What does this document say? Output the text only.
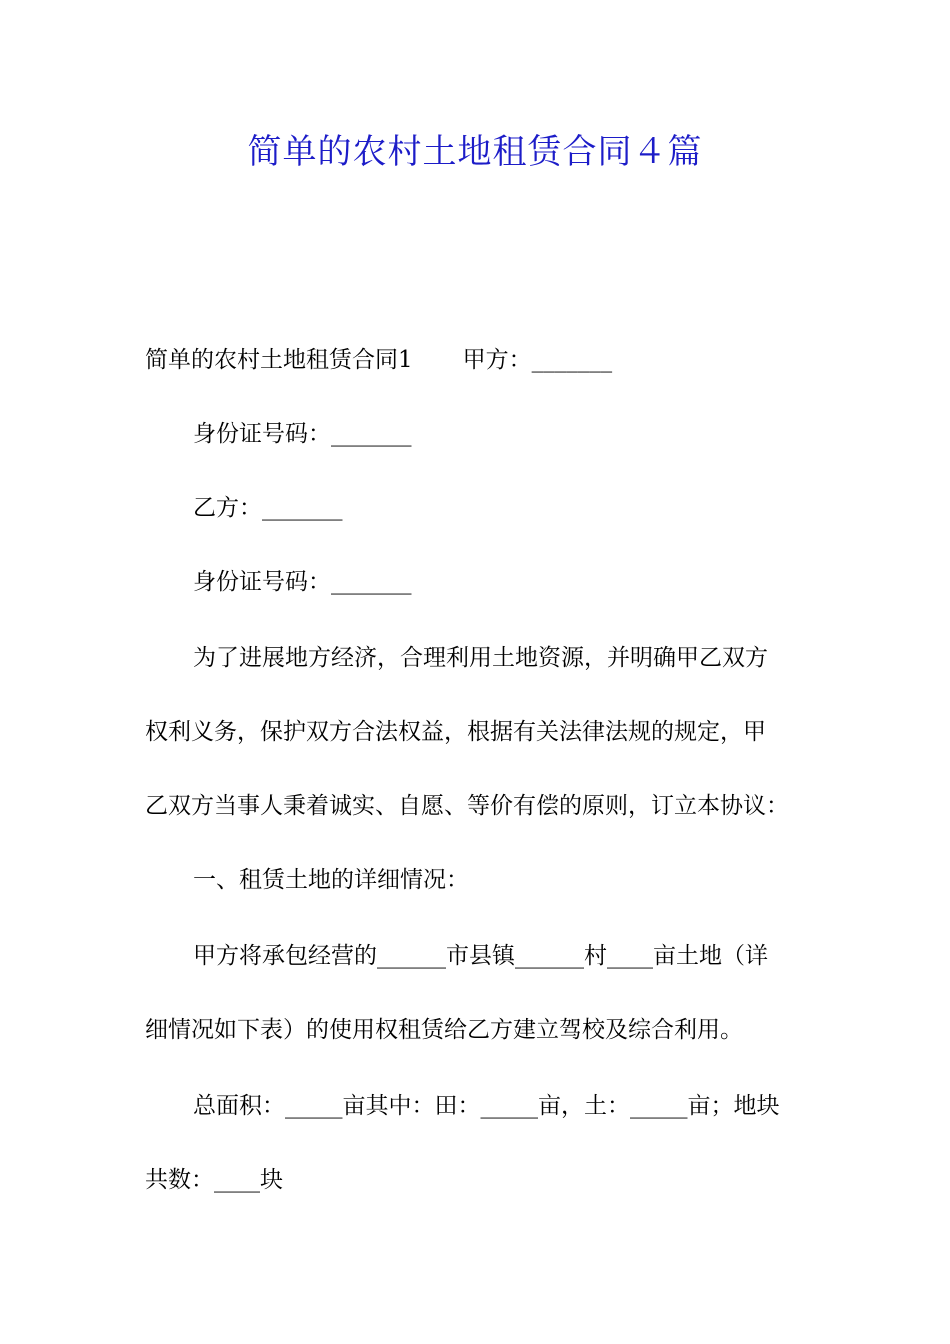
简单的农村土地租赁合同４篇
简单的农村土地租赁合同1 甲方：_______
身份证号码：_______
乙方：_______
身份证号码：_______
为了进展地方经济，合理利用土地资源，并明确甲乙双方
权利义务，保护双方合法权益，根据有关法律法规的规定，甲
乙双方当事人秉着诚实、自愿、等价有偿的原则，订立本协议：
一、租赁土地的详细情况：
甲方将承包经营的______市县镇______村____亩土地（详
细情况如下表）的使用权租赁给乙方建立驾校及综合利用。
总面积：_____亩其中：田：_____亩，土：_____亩；地块
共数：____块
